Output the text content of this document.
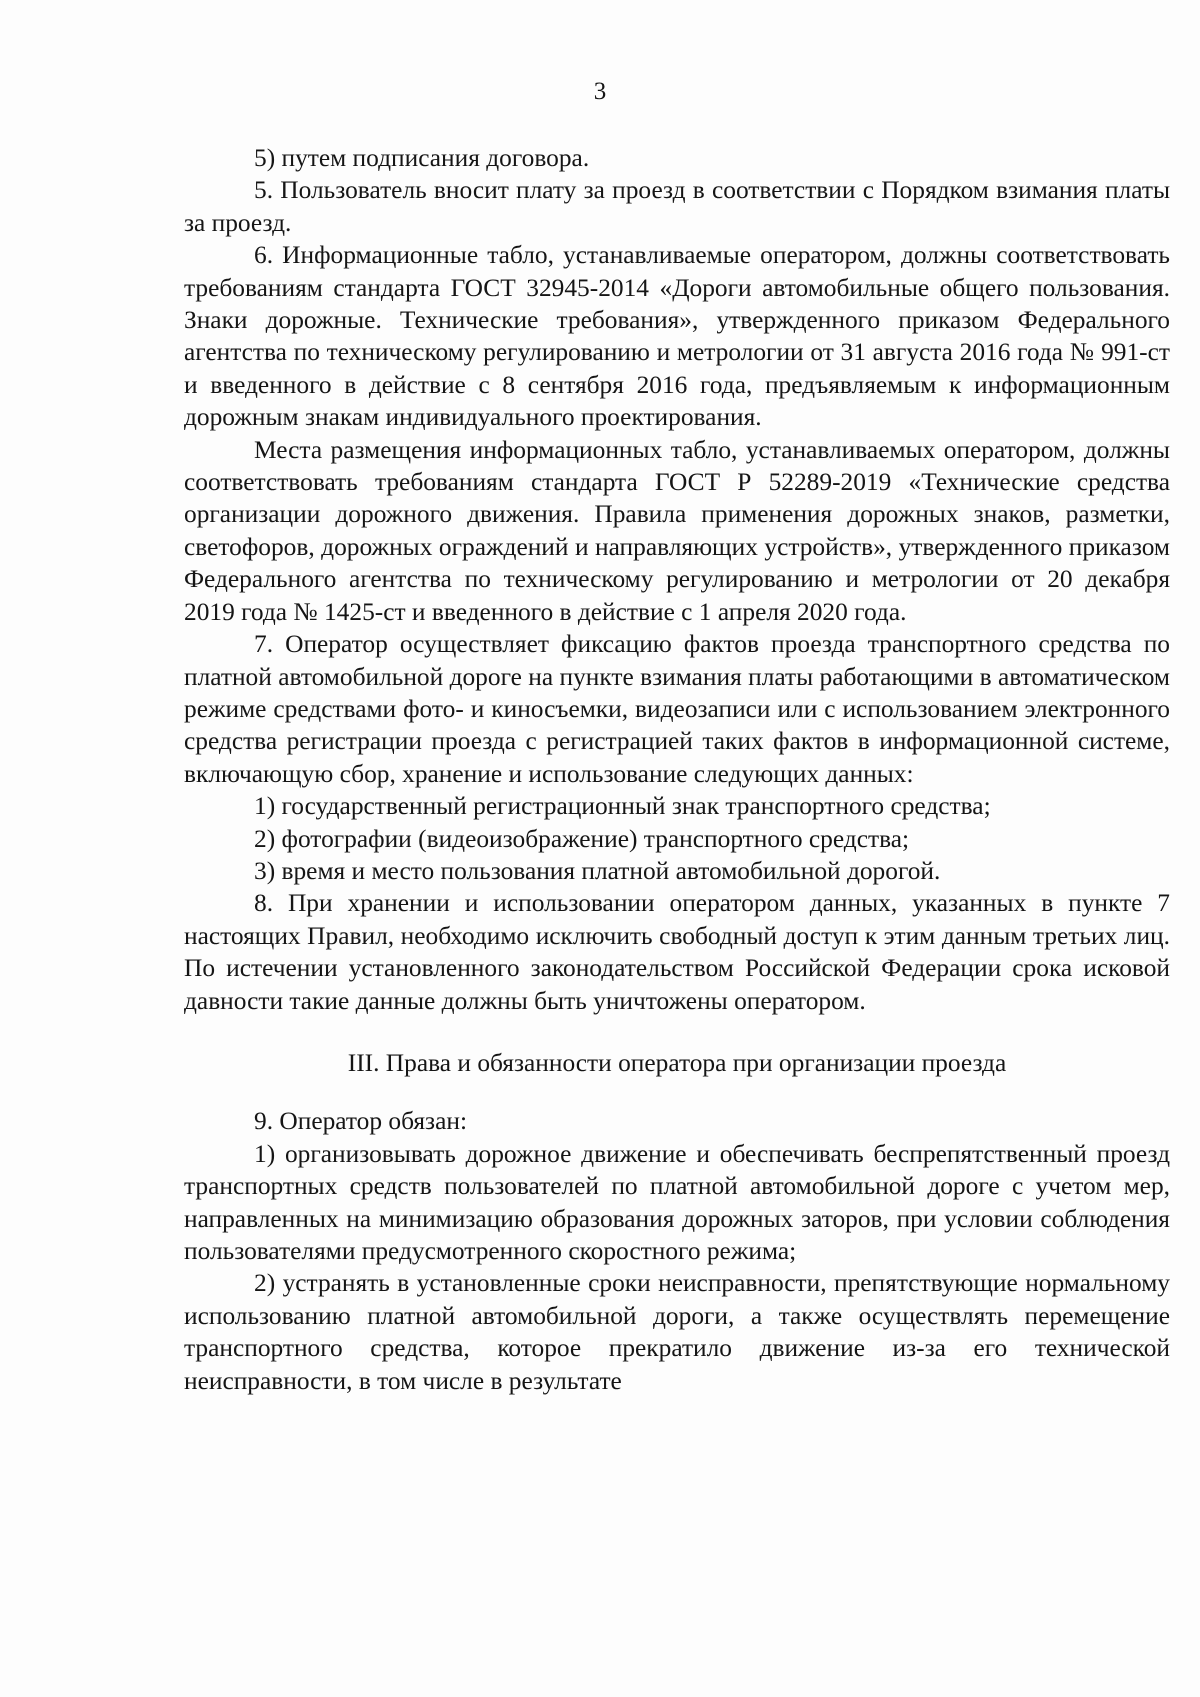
3

5) путем подписания договора.

5. Пользователь вносит плату за проезд в соответствии с Порядком взимания платы за проезд.

6. Информационные табло, устанавливаемые оператором, должны соответствовать требованиям стандарта ГОСТ 32945-2014 «Дороги автомобильные общего пользования. Знаки дорожные. Технические требования», утвержденного приказом Федерального агентства по техническому регулированию и метрологии от 31 августа 2016 года № 991-ст и введенного в действие с 8 сентября 2016 года, предъявляемым к информационным дорожным знакам индивидуального проектирования.

Места размещения информационных табло, устанавливаемых оператором, должны соответствовать требованиям стандарта ГОСТ Р 52289-2019 «Технические средства организации дорожного движения. Правила применения дорожных знаков, разметки, светофоров, дорожных ограждений и направляющих устройств», утвержденного приказом Федерального агентства по техническому регулированию и метрологии от 20 декабря 2019 года № 1425-ст и введенного в действие с 1 апреля 2020 года.

7. Оператор осуществляет фиксацию фактов проезда транспортного средства по платной автомобильной дороге на пункте взимания платы работающими в автоматическом режиме средствами фото- и киносъемки, видеозаписи или с использованием электронного средства регистрации проезда с регистрацией таких фактов в информационной системе, включающую сбор, хранение и использование следующих данных:

1) государственный регистрационный знак транспортного средства;

2) фотографии (видеоизображение) транспортного средства;

3) время и место пользования платной автомобильной дорогой.

8. При хранении и использовании оператором данных, указанных в пункте 7 настоящих Правил, необходимо исключить свободный доступ к этим данным третьих лиц. По истечении установленного законодательством Российской Федерации срока исковой давности такие данные должны быть уничтожены оператором.

III. Права и обязанности оператора при организации проезда

9. Оператор обязан:

1) организовывать дорожное движение и обеспечивать беспрепятственный проезд транспортных средств пользователей по платной автомобильной дороге с учетом мер, направленных на минимизацию образования дорожных заторов, при условии соблюдения пользователями предусмотренного скоростного режима;

2) устранять в установленные сроки неисправности, препятствующие нормальному использованию платной автомобильной дороги, а также осуществлять перемещение транспортного средства, которое прекратило движение из-за его технической неисправности, в том числе в результате
